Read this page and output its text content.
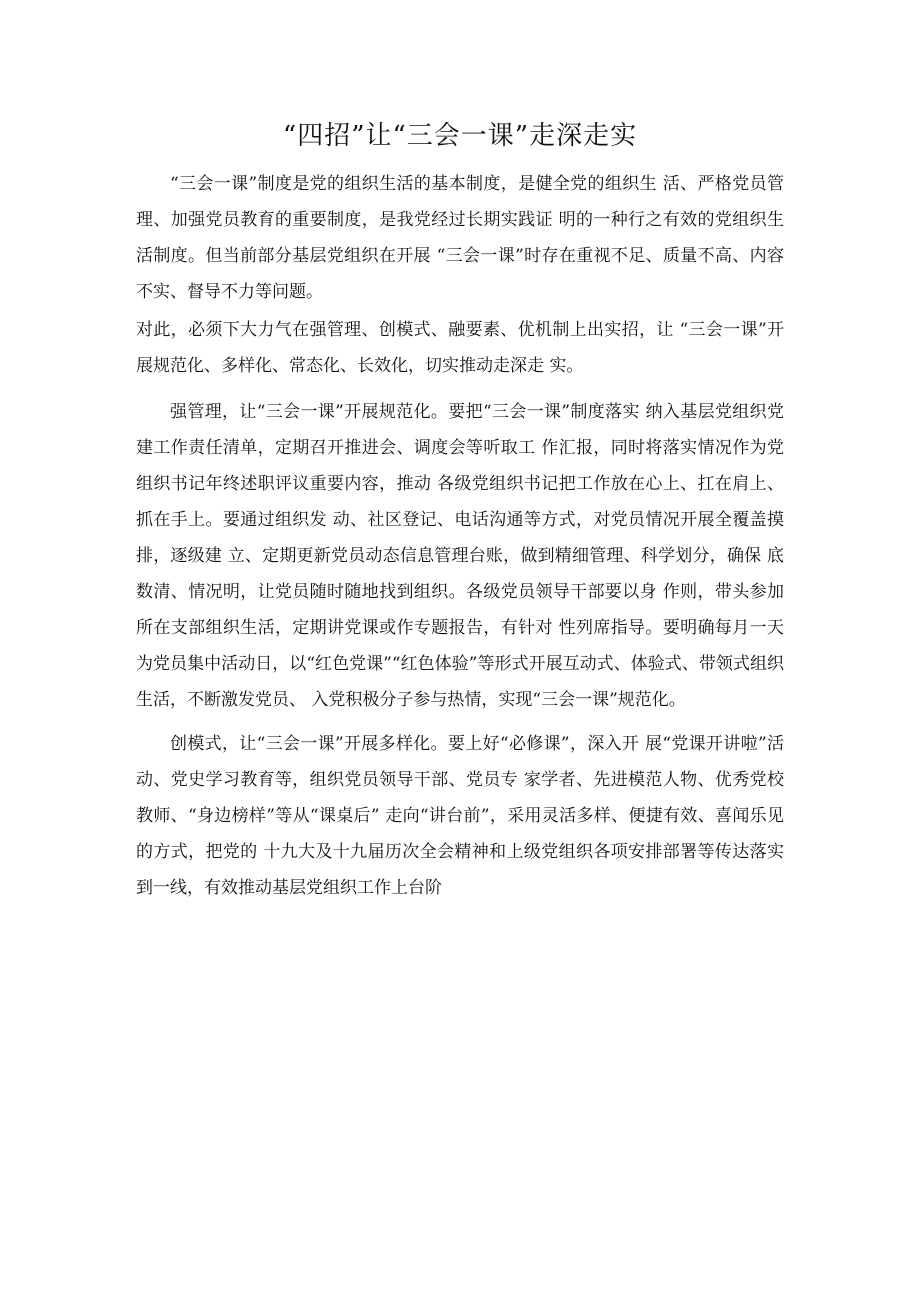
“四招”让“三会一课”走深走实

“三会一课”制度是党的组织生活的基本制度，是健全党的组织生 活、严格党员管理、加强党员教育的重要制度，是我党经过长期实践证 明的一种行之有效的党组织生活制度。但当前部分基层党组织在开展 “三会一课”时存在重视不足、质量不高、内容不实、督导不力等问题。

对此，必须下大力气在强管理、创模式、融要素、优机制上出实招，让 “三会一课”开展规范化、多样化、常态化、长效化，切实推动走深走 实。

强管理，让“三会一课”开展规范化。要把“三会一课”制度落实 纳入基层党组织党建工作责任清单，定期召开推进会、调度会等听取工 作汇报，同时将落实情况作为党组织书记年终述职评议重要内容，推动 各级党组织书记把工作放在心上、扛在肩上、抓在手上。要通过组织发 动、社区登记、电话沟通等方式，对党员情况开展全覆盖摸排，逐级建 立、定期更新党员动态信息管理台账，做到精细管理、科学划分，确保 底数清、情况明，让党员随时随地找到组织。各级党员领导干部要以身 作则，带头参加所在支部组织生活，定期讲党课或作专题报告，有针对 性列席指导。要明确每月一天为党员集中活动日，以“红色党课”“红色体验”等形式开展互动式、体验式、带领式组织生活，不断激发党员、 入党积极分子参与热情，实现“三会一课”规范化。

创模式，让“三会一课”开展多样化。要上好“必修课”，深入开 展“党课开讲啦”活动、党史学习教育等，组织党员领导干部、党员专 家学者、先进模范人物、优秀党校教师、“身边榜样”等从“课桌后” 走向“讲台前”，采用灵活多样、便捷有效、喜闻乐见的方式，把党的 十九大及十九届历次全会精神和上级党组织各项安排部署等传达落实 到一线，有效推动基层党组织工作上台阶
